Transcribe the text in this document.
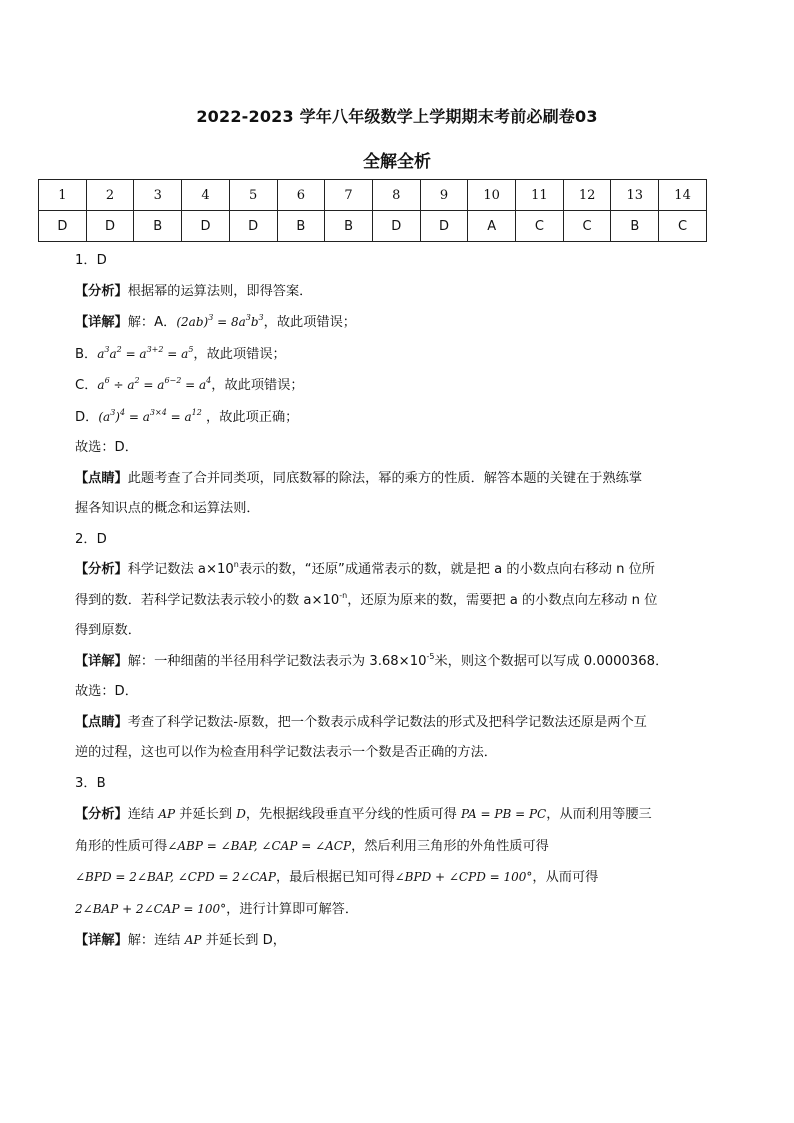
2022-2023 学年八年级数学上学期期末考前必刷卷03
全解全析
1	2	3	4	5	6	7	8	9	10	11	12	13	14
D	D	B	D	D	B	B	D	D	A	C	C	B	C
1．D
【分析】根据幂的运算法则，即得答案．
【详解】解：A．$(2ab)^3 = 8a^3b^3$，故此项错误；
B．$a^3a^2 = a^{3+2} = a^5$，故此项错误；
C．$a^6 \div a^2 = a^{6-2} = a^4$，故此项错误；
D．$(a^3)^4 = a^{3\times 4} = a^{12}$ ，故此项正确；
故选：D．
【点睛】此题考查了合并同类项，同底数幂的除法，幂的乘方的性质．解答本题的关键在于熟练掌
握各知识点的概念和运算法则．
2．D
【分析】科学记数法 $a\times 10^n$表示的数，“还原”成通常表示的数，就是把 a 的小数点向右移动 n 位所
得到的数．若科学记数法表示较小的数 $a\times 10^{-n}$，还原为原来的数，需要把 a 的小数点向左移动 n 位
得到原数．
【详解】解：一种细菌的半径用科学记数法表示为 $3.68\times 10^{-5}$米，则这个数据可以写成 0.0000368．
故选：D．
【点睛】考查了科学记数法-原数，把一个数表示成科学记数法的形式及把科学记数法还原是两个互
逆的过程，这也可以作为检查用科学记数法表示一个数是否正确的方法．
3．B
【分析】连结 AP 并延长到 D，先根据线段垂直平分线的性质可得 PA = PB = PC，从而利用等腰三
角形的性质可得∠ABP = ∠BAP, ∠CAP = ∠ACP，然后利用三角形的外角性质可得
∠BPD = 2∠BAP, ∠CPD = 2∠CAP，最后根据已知可得∠BPD + ∠CPD = 100°，从而可得
2∠BAP + 2∠CAP = 100°，进行计算即可解答．
【详解】解：连结 AP 并延长到 D，
